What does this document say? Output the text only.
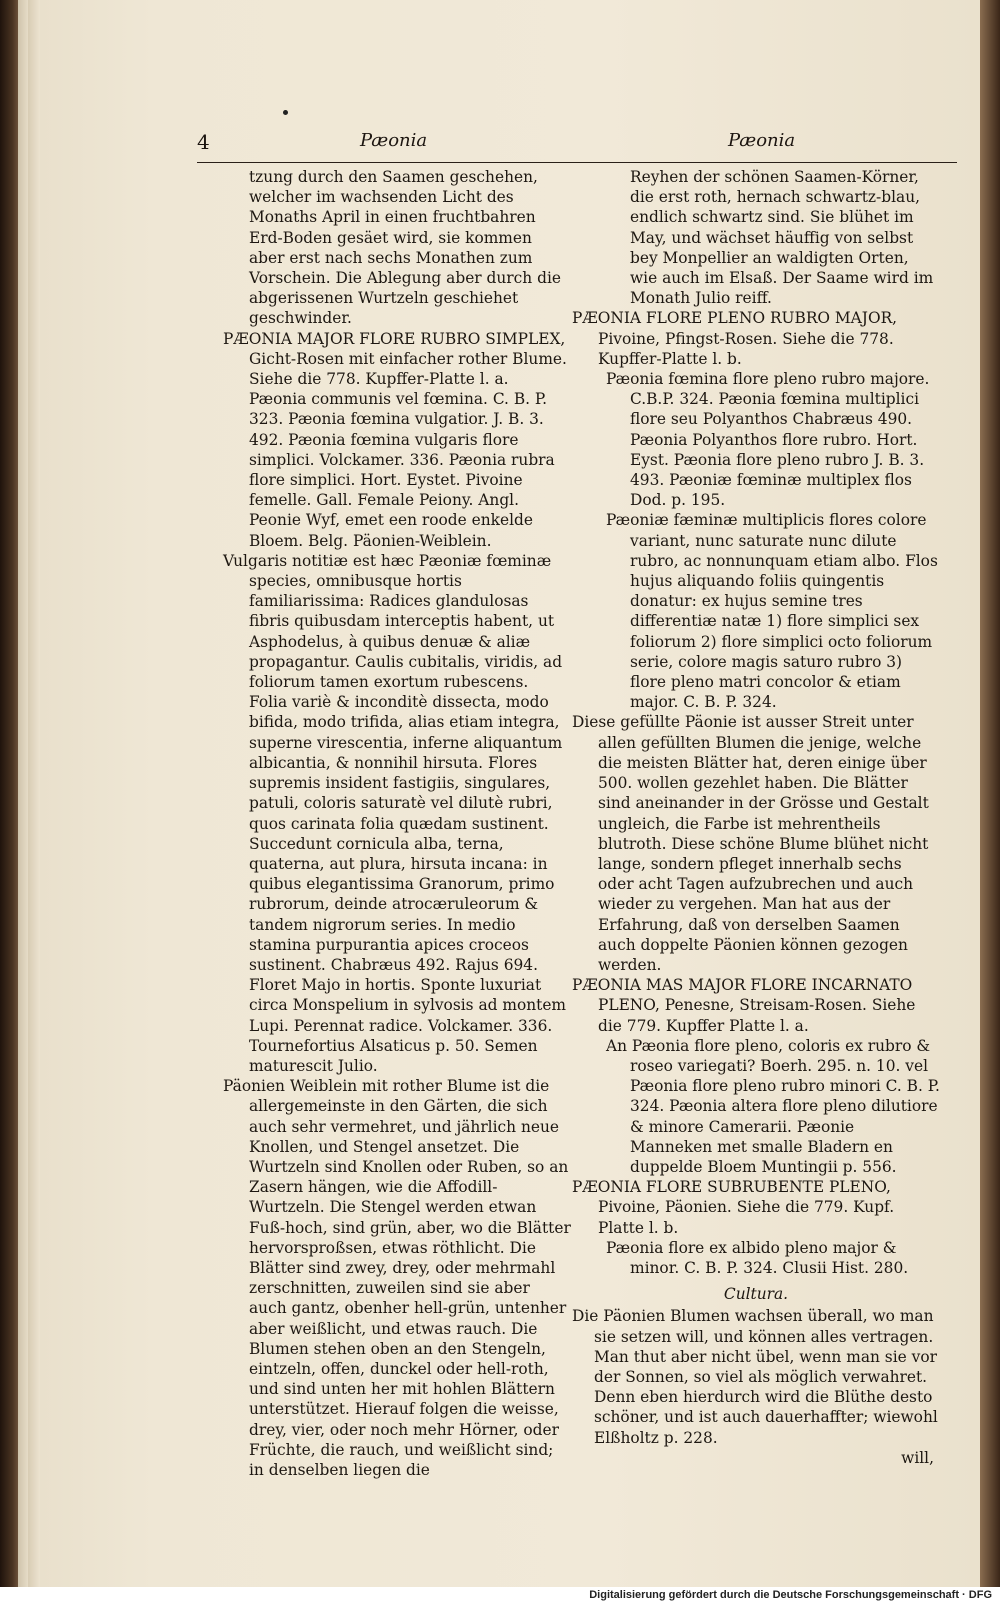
4	Pæonia	Pæonia

tzung durch den Saamen geschehen, welcher im wachsenden Licht des Monaths April in einen fruchtbahren Erd-Boden gesäet wird, sie kommen aber erst nach sechs Monathen zum Vorschein. Die Ablegung aber durch die abgerissenen Wurtzeln geschiehet geschwinder.

PÆONIA MAJOR FLORE RUBRO SIMPLEX, Gicht-Rosen mit einfacher rother Blume. Siehe die 778. Kupffer-Platte l. a.

Pæonia communis vel fœmina. C. B. P. 323. Pæonia fœmina vulgatior. J. B. 3. 492. Pæonia fœmina vulgaris flore simplici. Volckamer. 336. Pæonia rubra flore simplici. Hort. Eystet. Pivoine femelle. Gall. Female Peiony. Angl. Peonie Wyf, emet een roode enkelde Bloem. Belg. Päonien-Weiblein.

Vulgaris notitiæ est hæc Pæoniæ fœminæ species, omnibusque hortis familiarissima: Radices glandulosas fibris quibusdam interceptis habent, ut Asphodelus, à quibus denuæ & aliæ propagantur. Caulis cubitalis, viridis, ad foliorum tamen exortum rubescens. Folia variè & inconditè dissecta, modo bifida, modo trifida, alias etiam integra, superne virescentia, inferne aliquantum albicantia, & nonnihil hirsuta. Flores supremis insident fastigiis, singulares, patuli, coloris saturatè vel dilutè rubri, quos carinata folia quædam sustinent. Succedunt cornicula alba, terna, quaterna, aut plura, hirsuta incana: in quibus elegantissima Granorum, primo rubrorum, deinde atrocæruleorum & tandem nigrorum series. In medio stamina purpurantia apices croceos sustinent. Chabræus 492. Rajus 694. Floret Majo in hortis. Sponte luxuriat circa Monspelium in sylvosis ad montem Lupi. Perennat radice. Volckamer. 336. Tournefortius Alsaticus p. 50. Semen maturescit Julio.

Päonien Weiblein mit rother Blume ist die allergemeinste in den Gärten, die sich auch sehr vermehret, und jährlich neue Knollen, und Stengel ansetzet. Die Wurtzeln sind Knollen oder Ruben, so an Zasern hängen, wie die Affodill-Wurtzeln. Die Stengel werden etwan Fuß-hoch, sind grün, aber, wo die Blätter hervorsproßsen, etwas röthlicht. Die Blätter sind zwey, drey, oder mehrmahl zerschnitten, zuweilen sind sie aber auch gantz, obenher hell-grün, untenher aber weißlicht, und etwas rauch. Die Blumen stehen oben an den Stengeln, eintzeln, offen, dunckel oder hell-roth, und sind unten her mit hohlen Blättern unterstützet. Hierauf folgen die weisse, drey, vier, oder noch mehr Hörner, oder Früchte, die rauch, und weißlicht sind; in denselben liegen die

Reyhen der schönen Saamen-Körner, die erst roth, hernach schwartz-blau, endlich schwartz sind. Sie blühet im May, und wächset häuffig von selbst bey Monpellier an waldigten Orten, wie auch im Elsaß. Der Saame wird im Monath Julio reiff.

PÆONIA FLORE PLENO RUBRO MAJOR, Pivoine, Pfingst-Rosen. Siehe die 778. Kupffer-Platte l. b.

Pæonia fœmina flore pleno rubro majore. C.B.P. 324. Pæonia fœmina multiplici flore seu Polyanthos Chabræus 490. Pæonia Polyanthos flore rubro. Hort. Eyst. Pæonia flore pleno rubro J. B. 3. 493. Pæoniæ fœminæ multiplex flos Dod. p. 195.

Pæoniæ fæminæ multiplicis flores colore variant, nunc saturate nunc dilute rubro, ac nonnunquam etiam albo. Flos hujus aliquando foliis quingentis donatur: ex hujus semine tres differentiæ natæ 1) flore simplici sex foliorum 2) flore simplici octo foliorum serie, colore magis saturo rubro 3) flore pleno matri concolor & etiam major. C. B. P. 324.

Diese gefüllte Päonie ist ausser Streit unter allen gefüllten Blumen die jenige, welche die meisten Blätter hat, deren einige über 500. wollen gezehlet haben. Die Blätter sind aneinander in der Grösse und Gestalt ungleich, die Farbe ist mehrentheils blutroth. Diese schöne Blume blühet nicht lange, sondern pfleget innerhalb sechs oder acht Tagen aufzubrechen und auch wieder zu vergehen. Man hat aus der Erfahrung, daß von derselben Saamen auch doppelte Päonien können gezogen werden.

PÆONIA MAS MAJOR FLORE INCARNATO PLENO, Penesne, Streisam-Rosen. Siehe die 779. Kupffer Platte l. a.

An Pæonia flore pleno, coloris ex rubro & roseo variegati? Boerh. 295. n. 10. vel Pæonia flore pleno rubro minori C. B. P. 324. Pæonia altera flore pleno dilutiore & minore Camerarii. Pæonie Manneken met smalle Bladern en duppelde Bloem Muntingii p. 556.

PÆONIA FLORE SUBRUBENTE PLENO, Pivoine, Päonien. Siehe die 779. Kupf. Platte l. b.

Pæonia flore ex albido pleno major & minor. C. B. P. 324. Clusii Hist. 280.

Cultura.

Die Päonien Blumen wachsen überall, wo man sie setzen will, und können alles vertragen. Man thut aber nicht übel, wenn man sie vor der Sonnen, so viel als möglich verwahret. Denn eben hierdurch wird die Blüthe desto schöner, und ist auch dauerhaffter; wiewohl Elßholtz p. 228.

will,

Digitalisierung gefördert durch die Deutsche Forschungsgemeinschaft · DFG
